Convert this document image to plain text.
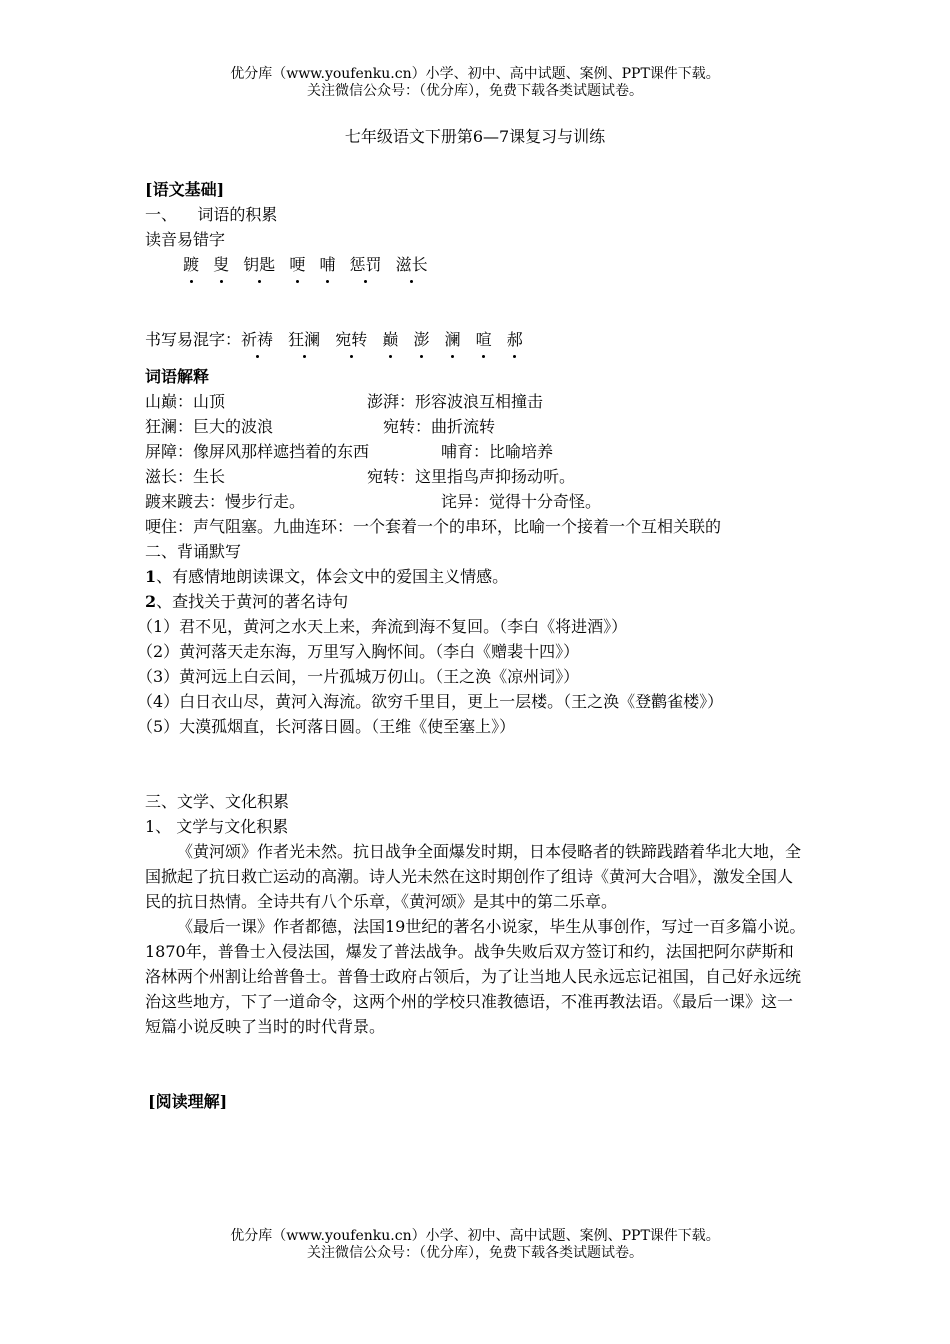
优分库（www.youfenku.cn）小学、初中、高中试题、案例、PPT课件下载。
关注微信公众号：（优分库），免费下载各类试题试卷。
七年级语文下册第6—7课复习与训练

[语文基础]

一、    词语的积累

读音易错字

踱 叟 钥匙 哽 哺 惩罚 滋长

书写易混字：祈祷 狂澜 宛转 巅 澎 澜 喧 郝

词语解释

山巅：山顶	澎湃：形容波浪互相撞击

狂澜：巨大的波浪	宛转：曲折流转

屏障：像屏风那样遮挡着的东西	哺育：比喻培养

滋长：生长	宛转：这里指鸟声抑扬动听。

踱来踱去：慢步行走。	诧异：觉得十分奇怪。

哽住：声气阻塞。九曲连环：一个套着一个的串环，比喻一个接着一个互相关联的

二、背诵默写

1、有感情地朗读课文，体会文中的爱国主义情感。

2、查找关于黄河的著名诗句

（1）君不见，黄河之水天上来，奔流到海不复回。（李白《将进酒》）

（2）黄河落天走东海，万里写入胸怀间。（李白《赠裴十四》）

（3）黄河远上白云间，一片孤城万仞山。（王之涣《凉州词》）

（4）白日衣山尽，黄河入海流。欲穷千里目，更上一层楼。（王之涣《登鹳雀楼》）

（5）大漠孤烟直，长河落日圆。（王维《使至塞上》）

三、文学、文化积累

1、 文学与文化积累

《黄河颂》作者光未然。抗日战争全面爆发时期，日本侵略者的铁蹄践踏着华北大地，全国掀起了抗日救亡运动的高潮。诗人光未然在这时期创作了组诗《黄河大合唱》，激发全国人民的抗日热情。全诗共有八个乐章，《黄河颂》是其中的第二乐章。

《最后一课》作者都德，法国19世纪的著名小说家，毕生从事创作，写过一百多篇小说。1870年，普鲁士入侵法国，爆发了普法战争。战争失败后双方签订和约，法国把阿尔萨斯和洛林两个州割让给普鲁士。普鲁士政府占领后，为了让当地人民永远忘记祖国，自己好永远统治这些地方，下了一道命令，这两个州的学校只准教德语，不准再教法语。《最后一课》这一短篇小说反映了当时的时代背景。

[阅读理解]

优分库（www.youfenku.cn）小学、初中、高中试题、案例、PPT课件下载。
关注微信公众号：（优分库），免费下载各类试题试卷。
